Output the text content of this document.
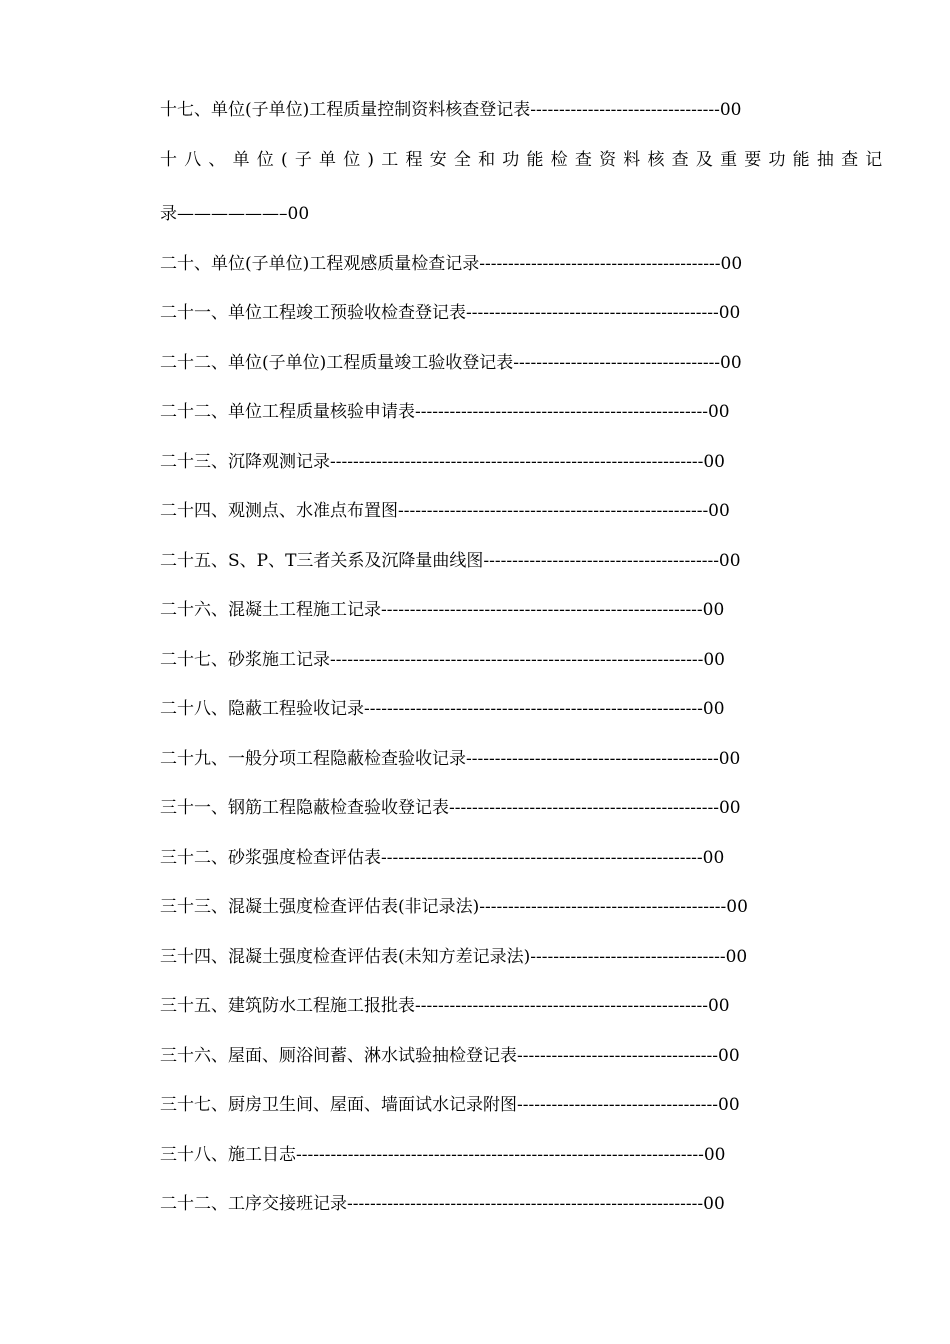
十七、单位(子单位)工程质量控制资料核查登记表---------------------------------00
十八、单位(子单位)工程安全和功能检查资料核查及重要功能抽查记
录——————–00
二十、单位(子单位)工程观感质量检查记录------------------------------------------00
二十一、单位工程竣工预验收检查登记表--------------------------------------------00
二十二、单位(子单位)工程质量竣工验收登记表------------------------------------00
二十二、单位工程质量核验申请表---------------------------------------------------00
二十三、沉降观测记录-----------------------------------------------------------------00
二十四、观测点、水准点布置图------------------------------------------------------00
二十五、S、P、T三者关系及沉降量曲线图-----------------------------------------00
二十六、混凝土工程施工记录--------------------------------------------------------00
二十七、砂浆施工记录-----------------------------------------------------------------00
二十八、隐蔽工程验收记录-----------------------------------------------------------00
二十九、一般分项工程隐蔽检查验收记录--------------------------------------------00
三十一、钢筋工程隐蔽检查验收登记表-----------------------------------------------00
三十二、砂浆强度检查评估表--------------------------------------------------------00
三十三、混凝土强度检查评估表(非记录法)-------------------------------------------00
三十四、混凝土强度检查评估表(未知方差记录法)----------------------------------00
三十五、建筑防水工程施工报批表---------------------------------------------------00
三十六、屋面、厕浴间蓄、淋水试验抽检登记表-----------------------------------00
三十七、厨房卫生间、屋面、墙面试水记录附图-----------------------------------00
三十八、施工日志-----------------------------------------------------------------------00
二十二、工序交接班记录--------------------------------------------------------------00
